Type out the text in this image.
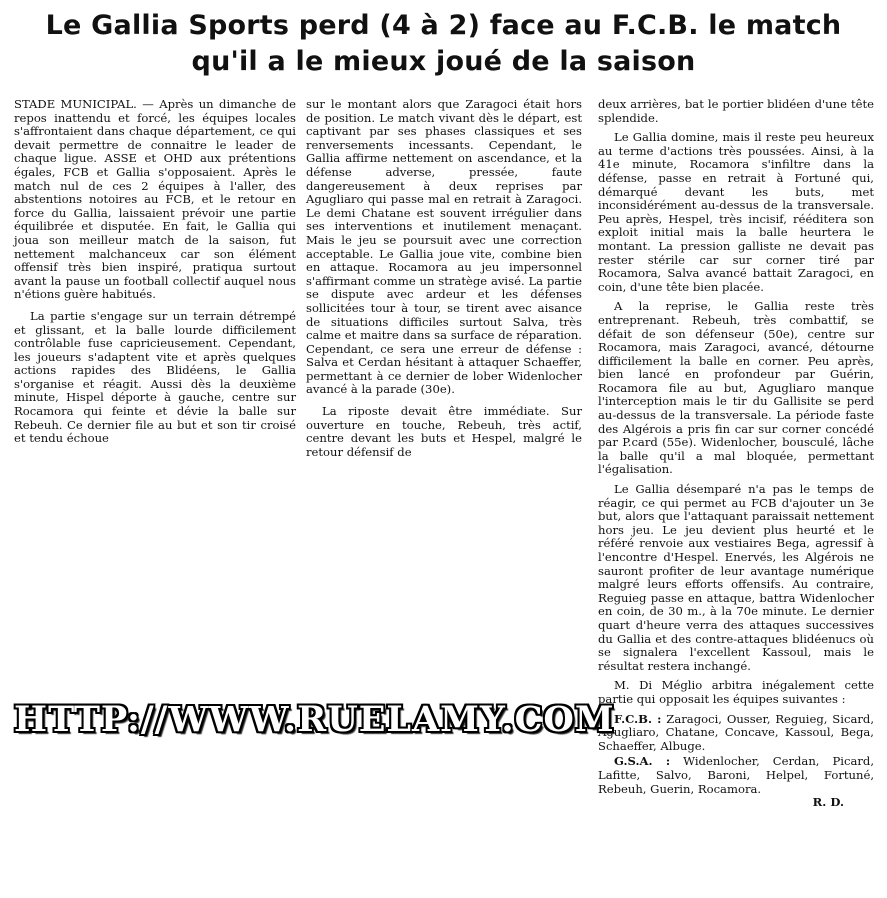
Le Gallia Sports perd (4 à 2) face au F.C.B. le match
qu'il a le mieux joué de la saison

STADE MUNICIPAL. — Après un dimanche de repos inattendu et forcé, les équipes locales s'affrontaient dans chaque département, ce qui devait permettre de connaitre le leader de chaque ligue. ASSE et OHD aux prétentions égales, FCB et Gallia s'opposaient. Après le match nul de ces 2 équipes à l'aller, des abstentions notoires au FCB, et le retour en force du Gallia, laissaient prévoir une partie équilibrée et disputée. En fait, le Gallia qui joua son meilleur match de la saison, fut nettement malchanceux car son élément offensif très bien inspiré, pratiqua surtout avant la pause un football collectif auquel nous n'étions guère habitués.

La partie s'engage sur un terrain détrempé et glissant, et la balle lourde difficilement contrôlable fuse capricieusement. Cependant, les joueurs s'adaptent vite et après quelques actions rapides des Blidéens, le Gallia s'organise et réagit. Aussi dès la deuxième minute, Hispel déporte à gauche, centre sur Rocamora qui feinte et dévie la balle sur Rebeuh. Ce dernier file au but et son tir croisé et tendu échoue

sur le montant alors que Zaragoci était hors de position. Le match vivant dès le départ, est captivant par ses phases classiques et ses renversements incessants. Cependant, le Gallia affirme nettement on ascendance, et la défense adverse, pressée, faute dangereusement à deux reprises par Agugliaro qui passe mal en retrait à Zaragoci. Le demi Chatane est souvent irrégulier dans ses interventions et inutilement menaçant. Mais le jeu se poursuit avec une correction acceptable. Le Gallia joue vite, combine bien en attaque. Rocamora au jeu impersonnel s'affirmant comme un stratège avisé. La partie se dispute avec ardeur et les défenses sollicitées tour à tour, se tirent avec aisance de situations difficiles surtout Salva, très calme et maitre dans sa surface de réparation. Cependant, ce sera une erreur de défense : Salva et Cerdan hésitant à attaquer Schaeffer, permettant à ce dernier de lober Widenlocher avancé à la parade (30e).

La riposte devait être immédiate. Sur ouverture en touche, Rebeuh, très actif, centre devant les buts et Hespel, malgré le retour défensif de

deux arrières, bat le portier blidéen d'une tête splendide.

Le Gallia domine, mais il reste peu heureux au terme d'actions très poussées. Ainsi, à la 41e minute, Rocamora s'infiltre dans la défense, passe en retrait à Fortuné qui, démarqué devant les buts, met inconsidérément au-dessus de la transversale. Peu après, Hespel, très incisif, rééditera son exploit initial mais la balle heurtera le montant. La pression galliste ne devait pas rester stérile car sur corner tiré par Rocamora, Salva avancé battait Zaragoci, en coin, d'une tête bien placée.

A la reprise, le Gallia reste très entreprenant. Rebeuh, très combattif, se défait de son défenseur (50e), centre sur Rocamora, mais Zaragoci, avancé, détourne difficilement la balle en corner. Peu après, bien lancé en profondeur par Guérin, Rocamora file au but, Agugliaro manque l'interception mais le tir du Gallisite se perd au-dessus de la transversale. La période faste des Algérois a pris fin car sur corner concédé par P.card (55e). Widenlocher, bousculé, lâche la balle qu'il a mal bloquée, permettant l'égalisation.

Le Gallia désemparé n'a pas le temps de réagir, ce qui permet au FCB d'ajouter un 3e but, alors que l'attaquant paraissait nettement hors jeu. Le jeu devient plus heurté et le référé renvoie aux vestiaires Bega, agressif à l'encontre d'Hespel. Enervés, les Algérois ne sauront profiter de leur avantage numérique malgré leurs efforts offensifs. Au contraire, Reguieg passe en attaque, battra Widenlocher en coin, de 30 m., à la 70e minute. Le dernier quart d'heure verra des attaques successives du Gallia et des contre-attaques blidéenucs où se signalera l'excellent Kassoul, mais le résultat restera inchangé.

M. Di Méglio arbitra inégalement cette partie qui opposait les équipes suivantes :

F.C.B. : Zaragoci, Ousser, Reguieg, Sicard, Agugliaro, Chatane, Concave, Kassoul, Bega, Schaeffer, Albuge.

G.S.A. : Widenlocher, Cerdan, Picard, Lafitte, Salvo, Baroni, Helpel, Fortuné, Rebeuh, Guerin, Rocamora.

R. D.
HTTP://WWW.RUELAMY.COM
